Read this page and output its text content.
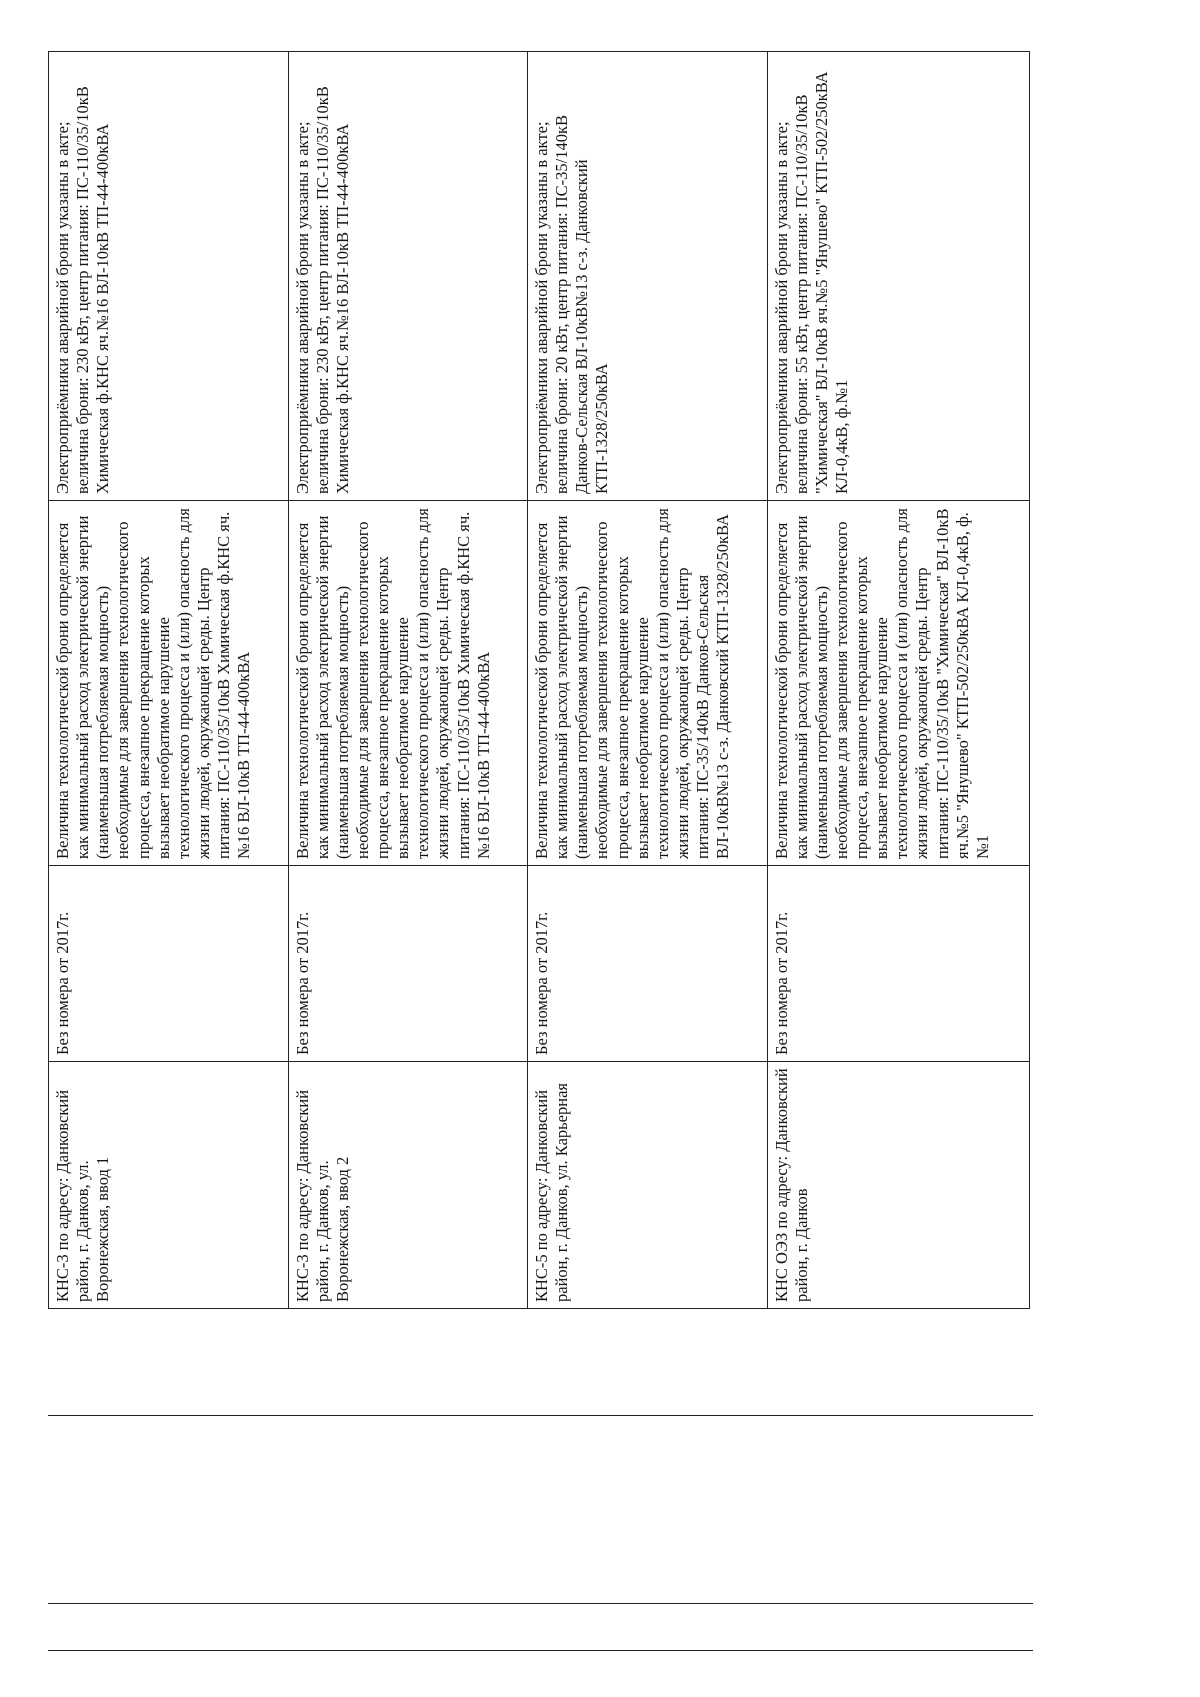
КНС-3 по адресу: Данковский район, г. Данков, ул. Воронежская, ввод 1	Без номера от 2017г.	Величина технологической брони определяется как минимальный расход электрической энергии (наименьшая потребляемая мощность) необходимые для завершения технологического процесса, внезапное прекращение которых вызывает необратимое нарушение технологического процесса и (или) опасность для жизни людей, окружающей среды. Центр питания: ПС-110/35/10кВ Химическая ф.КНС яч.№16 ВЛ-10кВ ТП-44-400кВА	Электроприёмники аварийной брони указаны в акте; величина брони: 230 кВт, центр питания: ПС-110/35/10кВ Химическая ф.КНС яч.№16 ВЛ-10кВ ТП-44-400кВА
КНС-3 по адресу: Данковский район, г. Данков, ул. Воронежская, ввод 2	Без номера от 2017г.	Величина технологической брони определяется как минимальный расход электрической энергии (наименьшая потребляемая мощность) необходимые для завершения технологического процесса, внезапное прекращение которых вызывает необратимое нарушение технологического процесса и (или) опасность для жизни людей, окружающей среды. Центр питания: ПС-110/35/10кВ Химическая ф.КНС яч.№16 ВЛ-10кВ ТП-44-400кВА	Электроприёмники аварийной брони указаны в акте; величина брони: 230 кВт, центр питания: ПС-110/35/10кВ Химическая ф.КНС яч.№16 ВЛ-10кВ ТП-44-400кВА
КНС-5 по адресу: Данковский район, г. Данков, ул. Карьерная	Без номера от 2017г.	Величина технологической брони определяется как минимальный расход электрической энергии (наименьшая потребляемая мощность) необходимые для завершения технологического процесса, внезапное прекращение которых вызывает необратимое нарушение технологического процесса и (или) опасность для жизни людей, окружающей среды. Центр питания: ПС-35/140кВ Данков-Сельская ВЛ-10кВ№13 с-з. Данковский КТП-1328/250кВА	Электроприёмники аварийной брони указаны в акте; величина брони: 20 кВт, центр питания: ПС-35/140кВ Данков-Сельская ВЛ-10кВ№13 с-з. Данковский КТП-1328/250кВА
КНС ОЭЗ по адресу: Данковский район, г. Данков	Без номера от 2017г.	Величина технологической брони определяется как минимальный расход электрической энергии (наименьшая потребляемая мощность) необходимые для завершения технологического процесса, внезапное прекращение которых вызывает необратимое нарушение технологического процесса и (или) опасность для жизни людей, окружающей среды. Центр питания: ПС-110/35/10кВ "Химическая" ВЛ-10кВ яч.№5 "Янушево" КТП-502/250кВА КЛ-0,4кВ, ф.№1	Электроприёмники аварийной брони указаны в акте; величина брони: 55 кВт, центр питания: ПС-110/35/10кВ "Химическая" ВЛ-10кВ яч.№5 "Янушево" КТП-502/250кВА КЛ-0,4кВ, ф.№1
